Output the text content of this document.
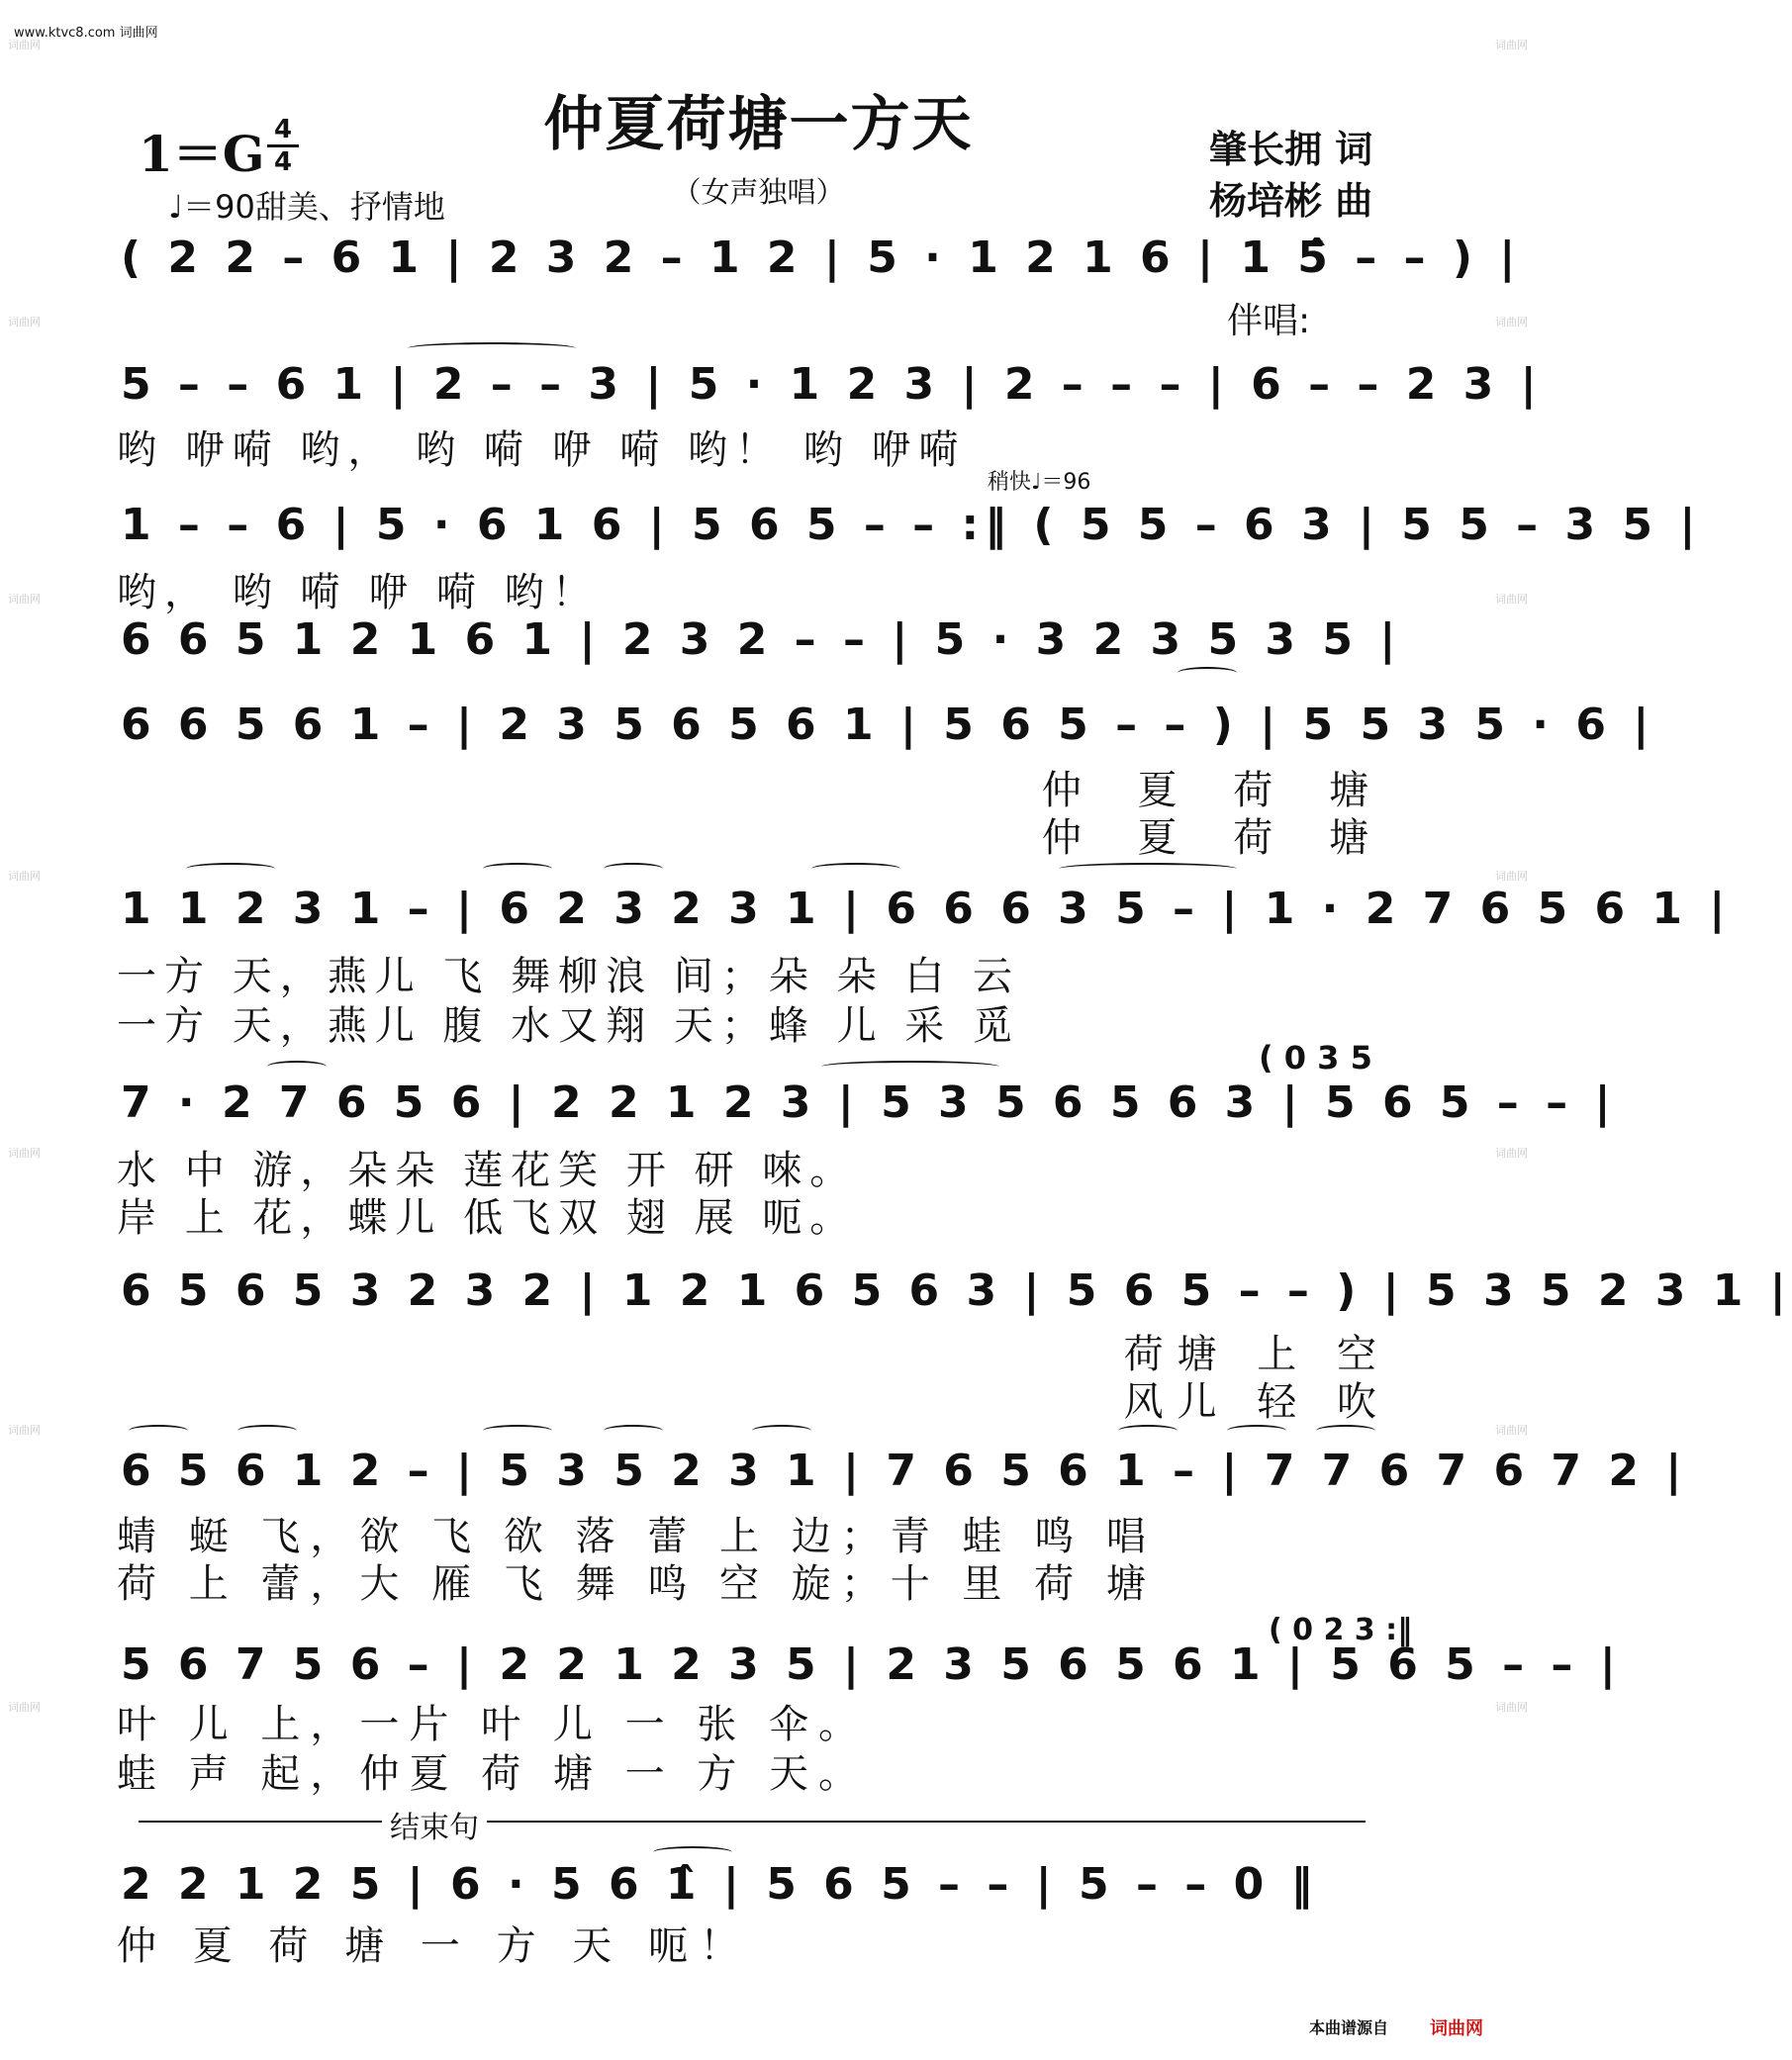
www.ktvc8.com 词曲网
词曲网
词曲网
词曲网
词曲网
词曲网
词曲网
词曲网
词曲网
词曲网
词曲网
词曲网
词曲网
词曲网
词曲网
仲夏荷塘一方天
（女声独唱）
1＝G 4
4
♩＝90甜美、抒情地
肇长拥 词
杨培彬 曲
( 2 2 – 6 1 | 2 3 2 – 1 2 | 5 · 1 2 1 6 | 1 5̂ – – ) |
伴唱:
5 – – 6 1 | 2 – – 3 | 5 · 1 2 3 | 2 – – – | 6 – – 2 3 |
哟 咿嗬 哟， 哟 嗬 咿 嗬 哟！ 哟 咿嗬
稍快♩＝96
1 – – 6 | 5 · 6 1 6 | 5 6 5 – – :‖ ( 5 5 – 6 3 | 5 5 – 3 5 |
哟， 哟 嗬 咿 嗬 哟！
6 6 5 1 2 1 6 1 | 2 3 2 – – | 5 · 3 2 3 5 3 5 |
6 6 5 6 1 – | 2 3 5 6 5 6 1 | 5 6 5 – – ) | 5 5 3 5 · 6 |
仲 夏 荷 塘
仲 夏 荷 塘
1 1 2 3 1 – | 6 2 3 2 3 1 | 6 6 6 3 5 – | 1 · 2 7 6 5 6 1 |
一方 天，燕儿 飞 舞柳浪 间；朵 朵 白 云
一方 天，燕儿 腹 水又翔 天；蜂 儿 采 觅
( 0 3 5
7 · 2 7 6 5 6 | 2 2 1 2 3 | 5 3 5 6 5 6 3 | 5 6 5 – – |
水 中 游，朵朵 莲花笑 开 研 唻。
岸 上 花，蝶儿 低飞双 翅 展 呃。
6 5 6 5 3 2 3 2 | 1 2 1 6 5 6 3 | 5 6 5 – – ) | 5 3 5 2 3 1 |
荷塘 上 空
风儿 轻 吹
6 5 6 1 2 – | 5 3 5 2 3 1 | 7 6 5 6 1 – | 7 7 6 7 6 7 2 |
蜻 蜓 飞，欲 飞 欲 落 蕾 上 边；青 蛙 鸣 唱
荷 上 蕾，大 雁 飞 舞 鸣 空 旋；十 里 荷 塘
( 0 2 3 :‖
5 6 7 5 6 – | 2 2 1 2 3 5 | 2 3 5 6 5 6 1 | 5 6 5 – – |
叶 儿 上，一片 叶 儿 一 张 伞。
蛙 声 起，仲夏 荷 塘 一 方 天。
结束句
2 2 1 2 5 | 6 · 5 6 1̂ | 5 6 5 – – | 5 – – 0 ‖
仲 夏 荷 塘 一 方 天 呃！
本曲谱源自 词曲网
